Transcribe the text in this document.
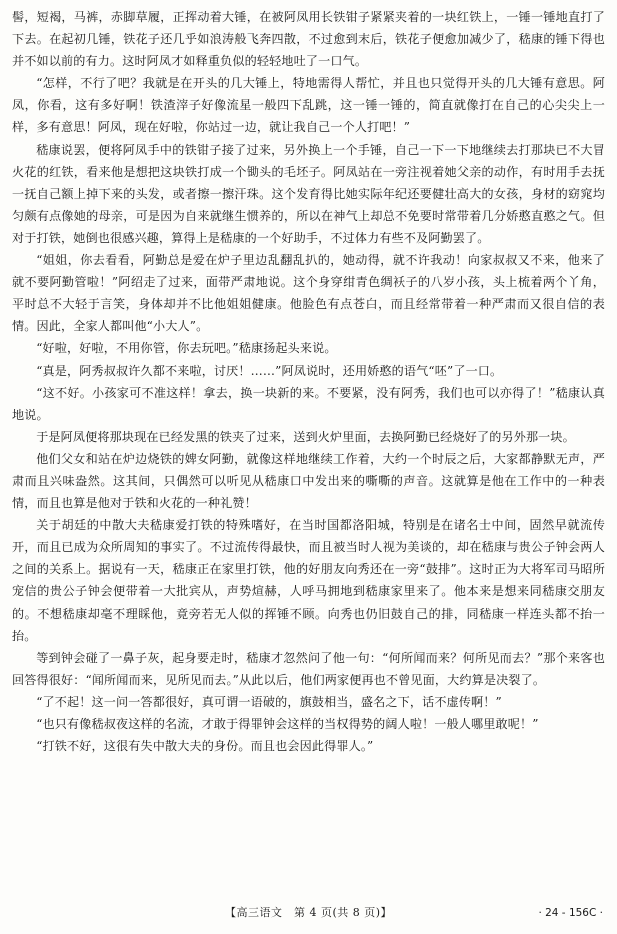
髻，短褐，马裤，赤脚草履，正挥动着大锤，在被阿凤用长铁钳子紧紧夹着的一块红铁上，一锤一锤地直打了下去。在起初几锤，铁花子还几乎如浪涛般飞奔四散，不过愈到末后，铁花子便愈加减少了，嵇康的锤下得也并不如以前的有力。这时阿凤才如释重负似的轻轻地吐了一口气。

“怎样，不行了吧？我就是在开头的几大锤上，特地需得人帮忙，并且也只觉得开头的几大锤有意思。阿凤，你看，这有多好啊！铁渣滓子好像流星一般四下乱跳，这一锤一锤的，简直就像打在自己的心尖尖上一样，多有意思！阿凤，现在好啦，你站过一边，就让我自己一个人打吧！”

嵇康说罢，便将阿凤手中的铁钳子接了过来，另外换上一个手锤，自己一下一下地继续去打那块已不大冒火花的红铁，看来他是想把这块铁打成一个锄头的毛坯子。阿凤站在一旁注视着她父亲的动作，有时用手去抚一抚自己额上掉下来的头发，或者擦一擦汗珠。这个发育得比她实际年纪还要健壮高大的女孩，身材的窈窕均匀颇有点像她的母亲，可是因为自来就继生惯养的，所以在神气上却总不免要时常带着几分娇憨直憨之气。但对于打铁，她倒也很感兴趣，算得上是嵇康的一个好助手，不过体力有些不及阿勤罢了。

“姐姐，你去看看，阿勤总是爱在炉子里边乱翻乱扒的，她动得，就不许我动！向家叔叔又不来，他来了就不要阿勤管啦！”阿绍走了过来，面带严肃地说。这个身穿绀青色绸袄子的八岁小孩，头上梳着两个丫角，平时总不大轻于言笑，身体却并不比他姐姐健康。他脸色有点苍白，而且经常带着一种严肃而又很自信的表情。因此，全家人都叫他“小大人”。

“好啦，好啦，不用你管，你去玩吧。”嵇康扬起头来说。

“真是，阿秀叔叔许久都不来啦，讨厌！……”阿凤说时，还用娇憨的语气“呸”了一口。

“这不好。小孩家可不准这样！拿去，换一块新的来。不要紧，没有阿秀，我们也可以亦得了！”嵇康认真地说。

于是阿凤便将那块现在已经发黑的铁夹了过来，送到火炉里面，去换阿勤已经烧好了的另外那一块。

他们父女和站在炉边烧铁的婢女阿勤，就像这样地继续工作着，大约一个时辰之后，大家都静默无声，严肃而且兴味盎然。这其间，只偶然可以听见从嵇康口中发出来的嘶嘶的声音。这就算是他在工作中的一种表情，而且也算是他对于铁和火花的一种礼赞！

关于胡廷的中散大夫嵇康爱打铁的特殊嗜好，在当时国都洛阳城，特别是在诸名士中间，固然早就流传开，而且已成为众所周知的事实了。不过流传得最快，而且被当时人视为美谈的，却在嵇康与贵公子钟会两人之间的关系上。据说有一天，嵇康正在家里打铁，他的好朋友向秀还在一旁“鼓排”。这时正为大将军司马昭所宠信的贵公子钟会便带着一大批宾从，声势煊赫，人呼马拥地到嵇康家里来了。他本来是想来同嵇康交朋友的。不想嵇康却毫不理睬他，竟旁若无人似的挥锤不顾。向秀也仍旧鼓自己的排，同嵇康一样连头都不抬一抬。

等到钟会碰了一鼻子灰，起身要走时，嵇康才忽然问了他一句：“何所闻而来？何所见而去？”那个来客也回答得很好：“闻所闻而来，见所见而去。”从此以后，他们两家便再也不曾见面，大约算是决裂了。

“了不起！这一问一答都很好，真可谓一语破的，旗鼓相当，盛名之下，话不虚传啊！”

“也只有像嵇叔夜这样的名流，才敢于得罪钟会这样的当权得势的阔人啦！一般人哪里敢呢！”

“打铁不好，这很有失中散大夫的身份。而且也会因此得罪人。”

【高三语文　第 4 页(共 8 页)】	· 24 - 156C ·
